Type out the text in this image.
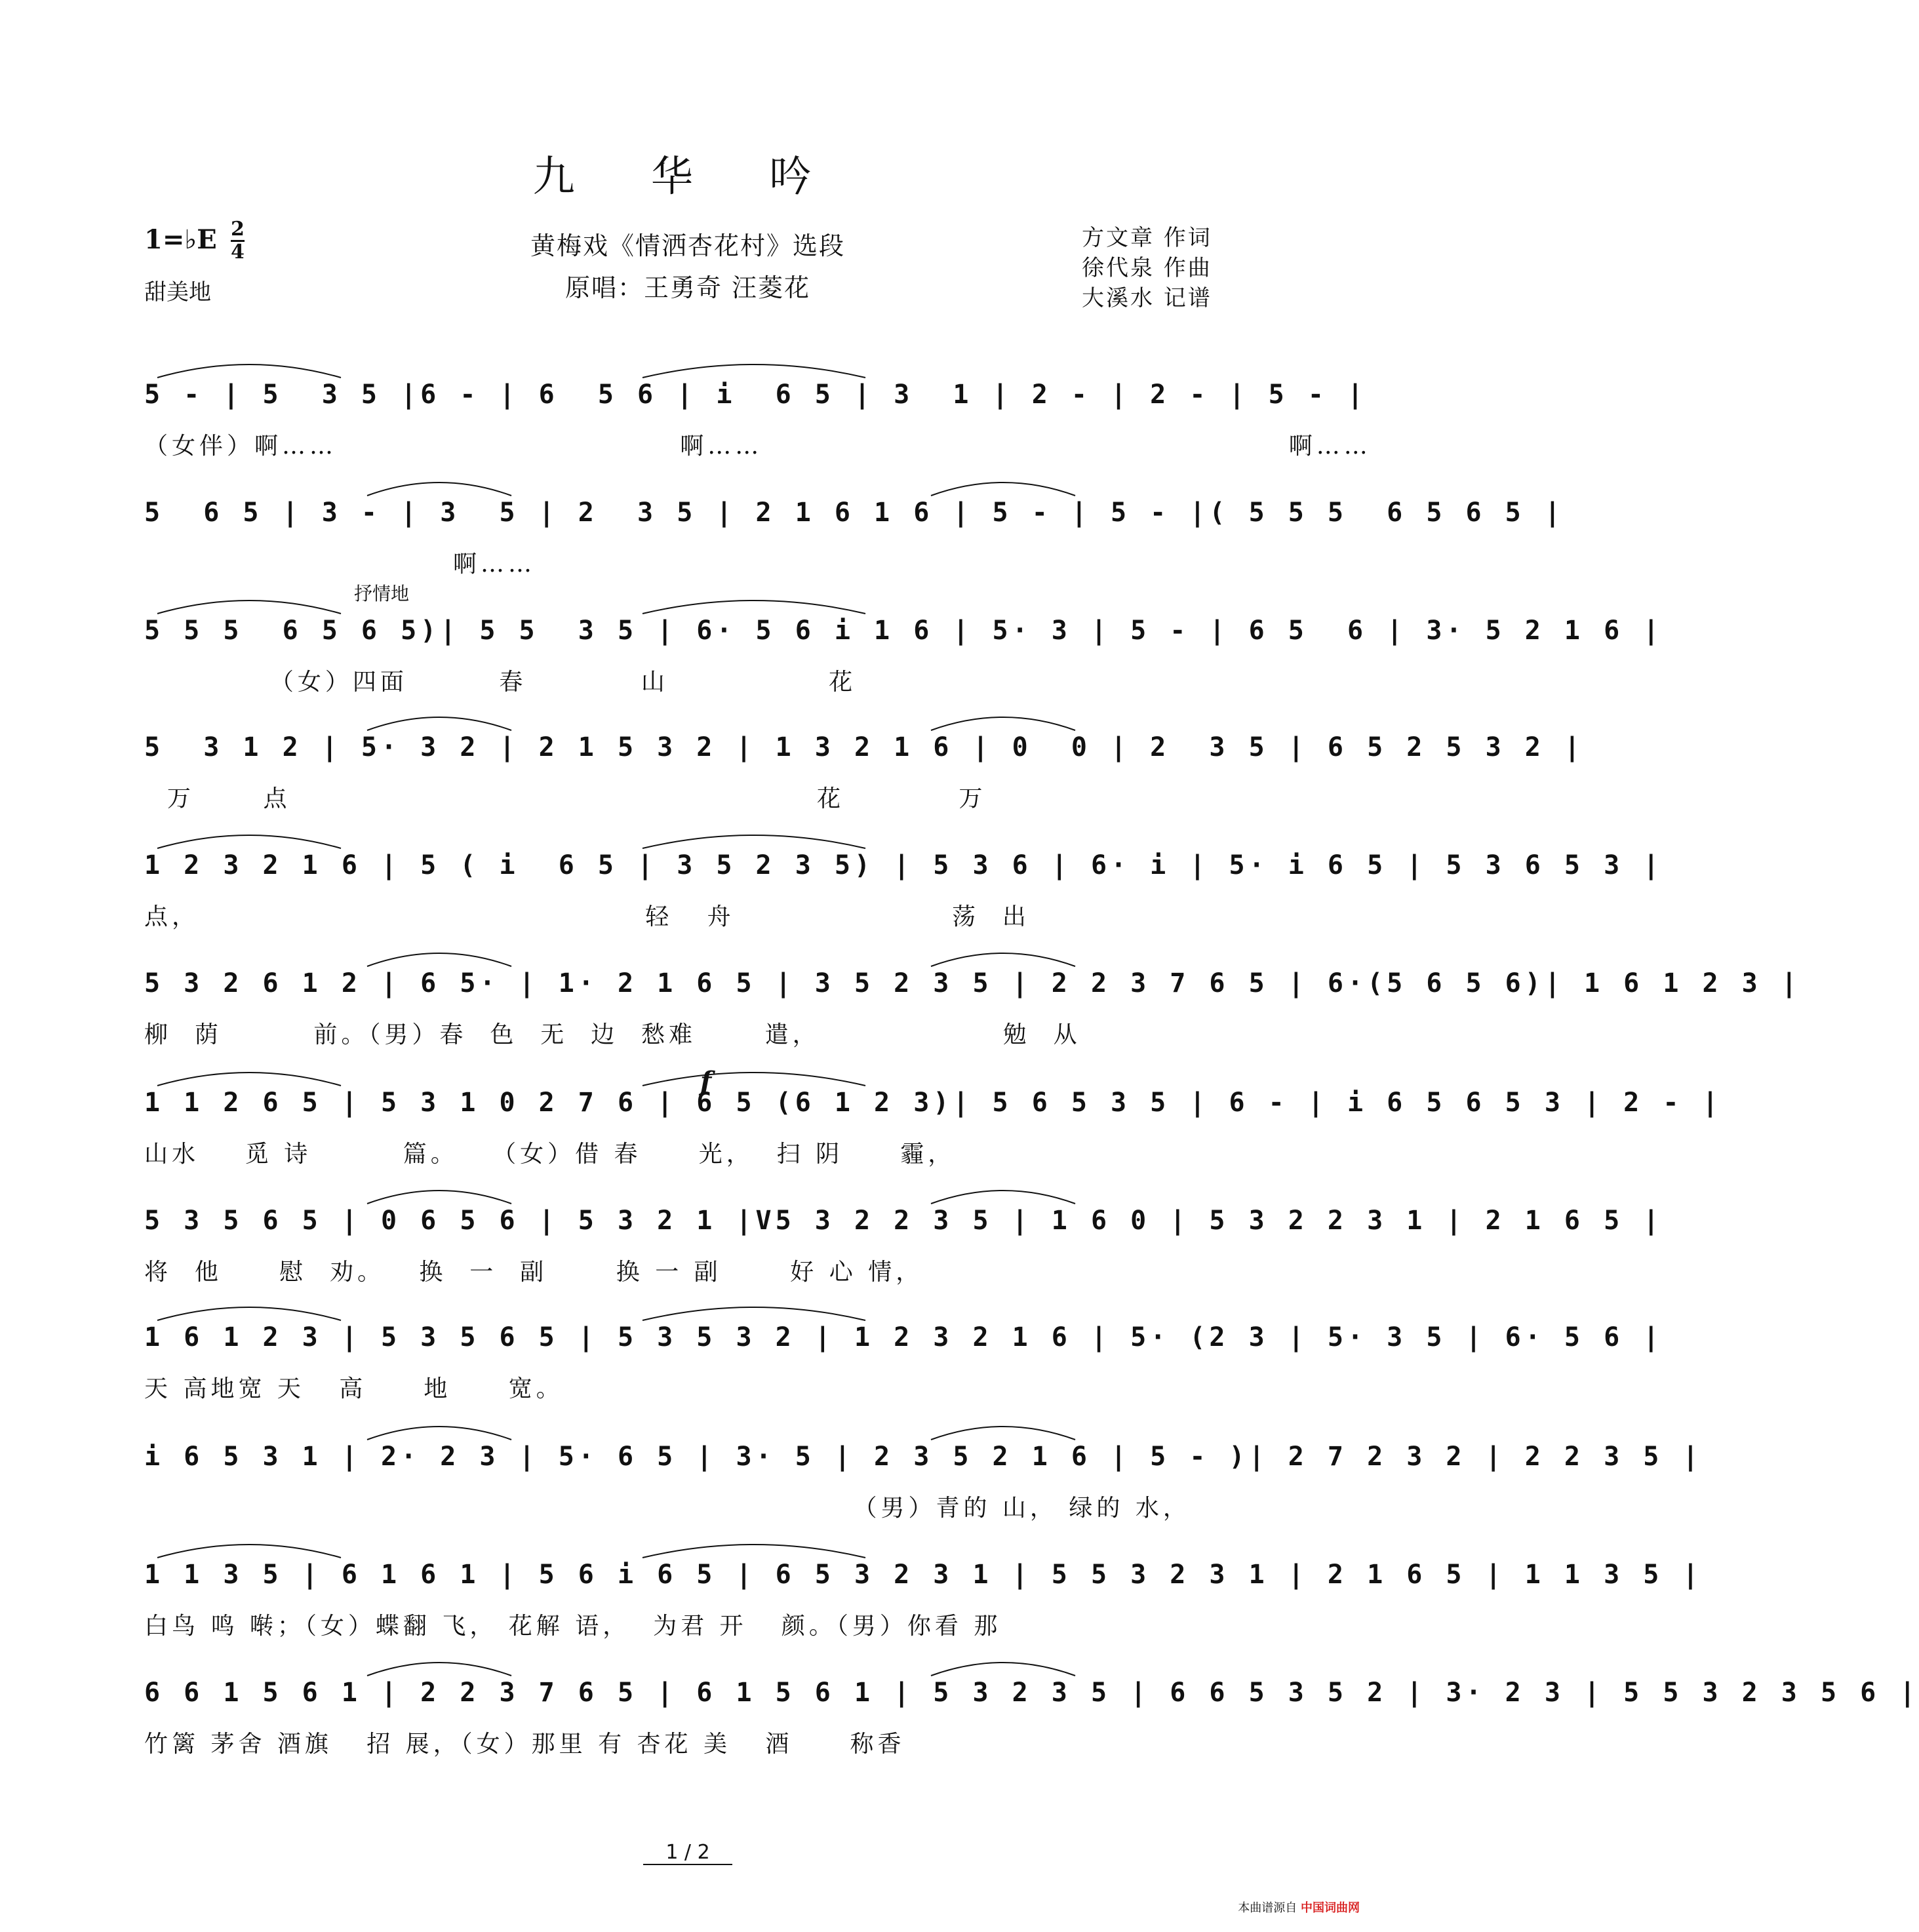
九 华 吟
1=♭E 2
4
甜美地
黄梅戏《情洒杏花村》选段
原唱：王勇奇 汪菱花
方文章 作词
徐代泉 作曲
大溪水 记谱
抒情地
f
5 - | 5  3 5 |6 - | 6  5 6 | i  6 5 | 3  1 | 2 - | 2 - | 5 - |
（女伴）啊……                              啊……                                              啊……
5  6 5 | 3 - | 3  5 | 2  3 5 | 2 1 6 1 6 | 5 - | 5 - |( 5 5 5  6 5 6 5 |
啊……
5 5 5  6 5 6 5)| 5 5  3 5 | 6· 5 6 i 1 6 | 5· 3 | 5 - | 6 5  6 | 3· 5 2 1 6 |
（女）四面        春          山              花
5  3 1 2 | 5· 3 2 | 2 1 5 3 2 | 1 3 2 1 6 | 0  0 | 2  3 5 | 6 5 2 5 3 2 |
万      点                                              花          万
1 2 3 2 1 6 | 5 ( i  6 5 | 3 5 2 3 5) | 5 3 6 | 6· i | 5· i 6 5 | 5 3 6 5 3 |
点，                                       轻   舟                   荡  出
5 3 2 6 1 2 | 6 5· | 1· 2 1 6 5 | 3 5 2 3 5 | 2 2 3 7 6 5 | 6·(5 6 5 6)| 1 6 1 2 3 |
柳  荫        前。（男）春  色  无  边  愁难      遣，                勉  从
1 1 2 6 5 | 5 3 1 0 2 7 6 | 6 5 (6 1 2 3)| 5 6 5 3 5 | 6 - | i 6 5 6 5 3 | 2 - |
山水    觅 诗        篇。   （女）借 春     光，  扫 阴     霾，
5 3 5 6 5 | 0 6 5 6 | 5 3 2 1 |V5 3 2 2 3 5 | 1 6 0 | 5 3 2 2 3 1 | 2 1 6 5 |
将  他     慰  劝。   换  一  副      换 一 副      好 心 情，
1 6 1 2 3 | 5 3 5 6 5 | 5 3 5 3 2 | 1 2 3 2 1 6 | 5· (2 3 | 5· 3 5 | 6· 5 6 |
天 高地宽 天   高     地     宽。
i 6 5 3 1 | 2· 2 3 | 5· 6 5 | 3· 5 | 2 3 5 2 1 6 | 5 - )| 2 7 2 3 2 | 2 2 3 5 |
（男）青的 山， 绿的 水，
1 1 3 5 | 6 1 6 1 | 5 6 i 6 5 | 6 5 3 2 3 1 | 5 5 3 2 3 1 | 2 1 6 5 | 1 1 3 5 |
白鸟 鸣 啭；（女）蝶翻 飞， 花解 语，  为君 开   颜。（男）你看 那
6 6 1 5 6 1 | 2 2 3 7 6 5 | 6 1 5 6 1 | 5 3 2 3 5 | 6 6 5 3 5 2 | 3· 2 3 | 5 5 3 2 3 5 6 |
竹篱 茅舍 酒旗   招 展，（女）那里 有 杏花 美   酒     称香
1 / 2
本曲谱源自 中国词曲网
